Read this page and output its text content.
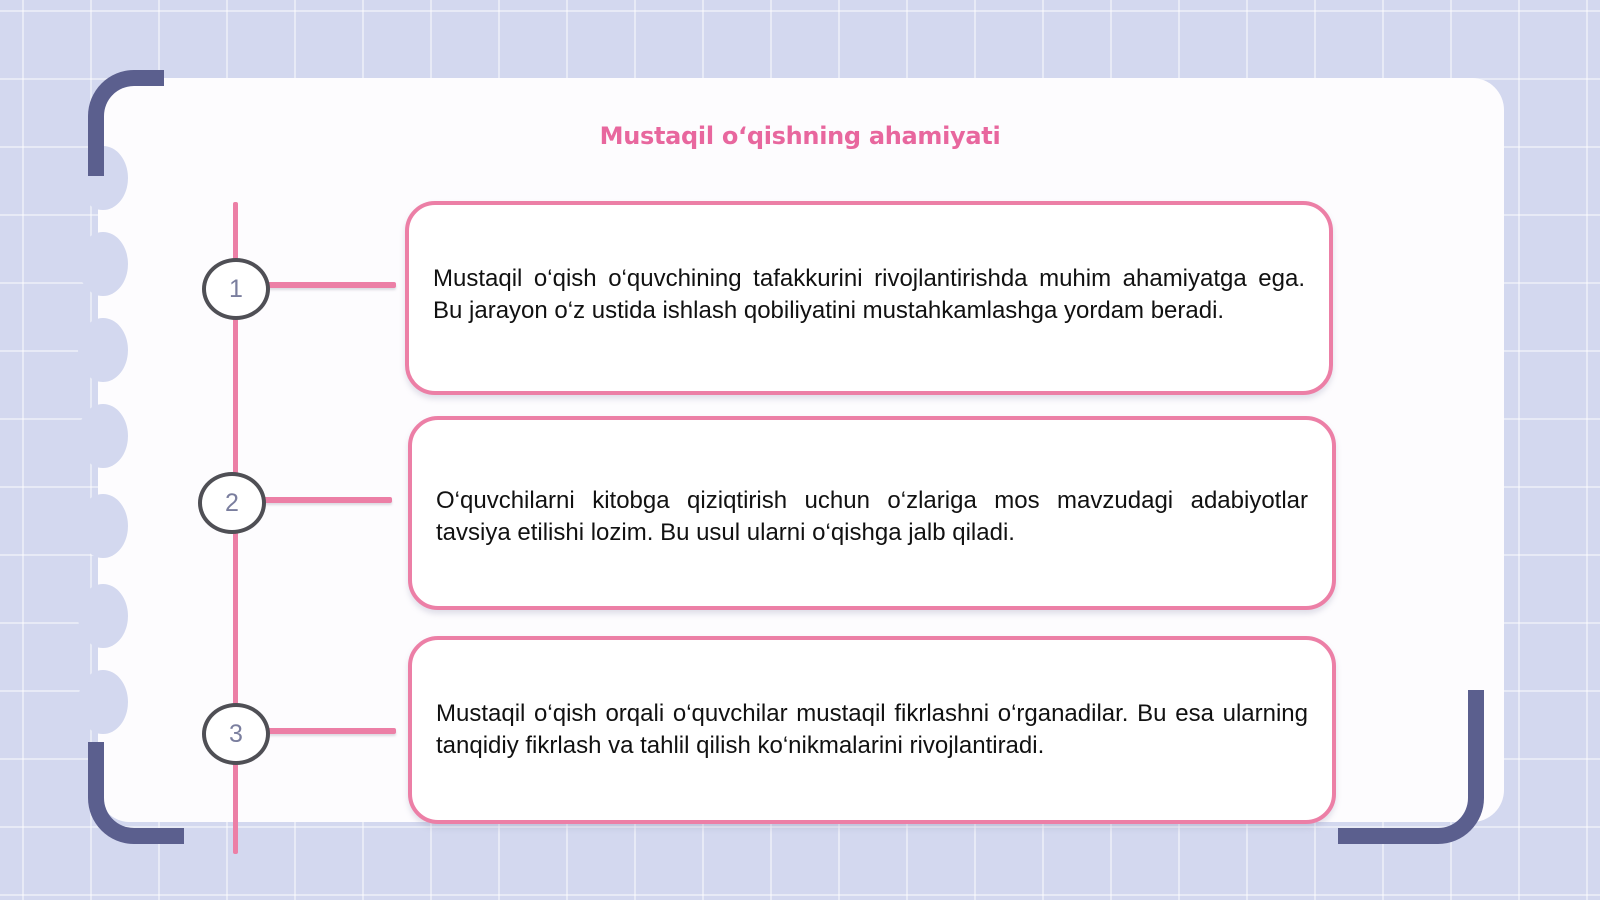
Mustaqil o‘qishning ahamiyati
1
2
3
Mustaqil o‘qish o‘quvchining tafakkurini rivojlantirishda muhim ahamiyatga ega. Bu jarayon o‘z ustida ishlash qobiliyatini mustahkamlashga yordam beradi.
O‘quvchilarni kitobga qiziqtirish uchun o‘zlariga mos mavzudagi adabiyotlar tavsiya etilishi lozim. Bu usul ularni o‘qishga jalb qiladi.
Mustaqil o‘qish orqali o‘quvchilar mustaqil fikrlashni o‘rganadilar. Bu esa ularning tanqidiy fikrlash va tahlil qilish ko‘nikmalarini rivojlantiradi.
